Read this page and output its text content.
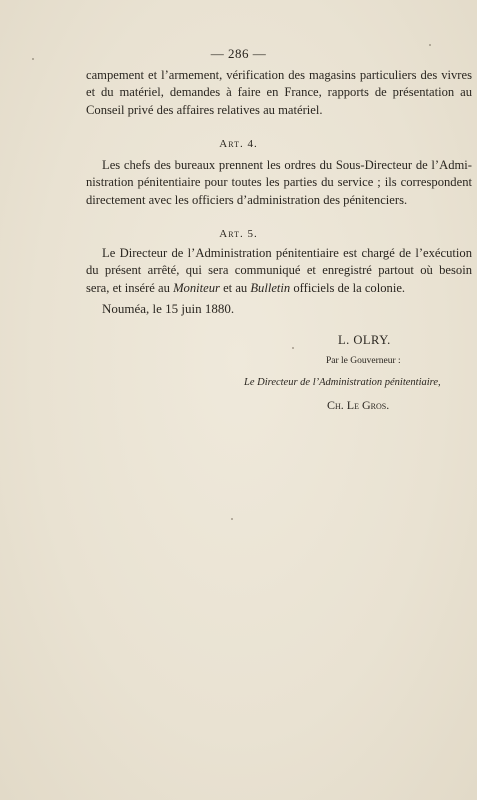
— 286 —
campement et l’armement, vérification des magasins particuliers des vivres
et du matériel, demandes à faire en France, rapports de présentation au
Conseil privé des affaires relatives au matériel.
Art. 4.
Les chefs des bureaux prennent les ordres du Sous-Directeur de l’Admi-
nistration pénitentiaire pour toutes les parties du service ; ils correspondent
directement avec les officiers d’administration des pénitenciers.
Art. 5.
Le Directeur de l’Administration pénitentiaire est chargé de l’exécution
du présent arrêté, qui sera communiqué et enregistré partout où besoin
sera, et inséré au Moniteur et au Bulletin officiels de la colonie.
Nouméa, le 15 juin 1880.
L. OLRY.
Par le Gouverneur :
Le Directeur de l’Administration pénitentiaire,
Ch. Le Gros.
